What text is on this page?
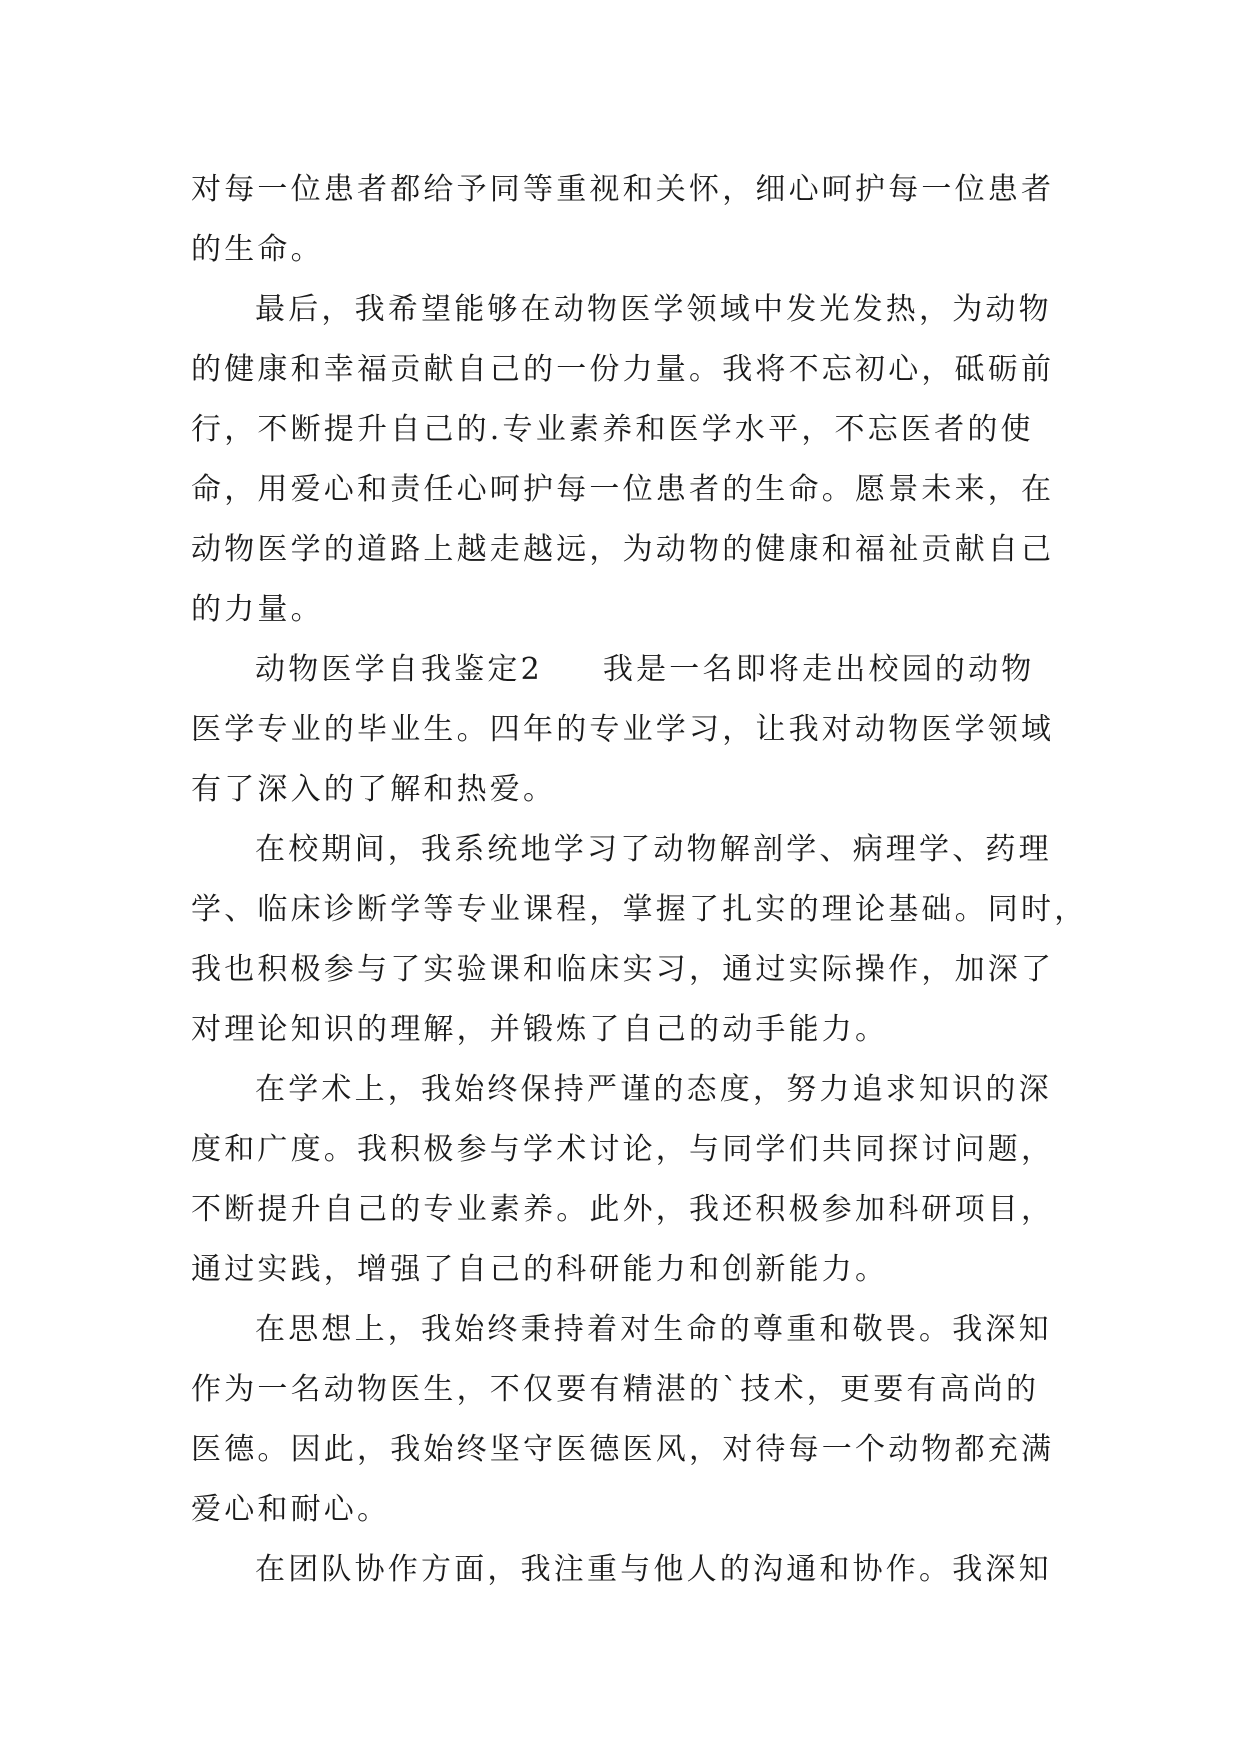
对每一位患者都给予同等重视和关怀，细心呵护每一位患者
的生命。
最后，我希望能够在动物医学领域中发光发热，为动物
的健康和幸福贡献自己的一份力量。我将不忘初心，砥砺前
行，不断提升自己的.专业素养和医学水平，不忘医者的使
命，用爱心和责任心呵护每一位患者的生命。愿景未来，在
动物医学的道路上越走越远，为动物的健康和福祉贡献自己
的力量。
动物医学自我鉴定2 我是一名即将走出校园的动物
医学专业的毕业生。四年的专业学习，让我对动物医学领域
有了深入的了解和热爱。
在校期间，我系统地学习了动物解剖学、病理学、药理
学、临床诊断学等专业课程，掌握了扎实的理论基础。同时，
我也积极参与了实验课和临床实习，通过实际操作，加深了
对理论知识的理解，并锻炼了自己的动手能力。
在学术上，我始终保持严谨的态度，努力追求知识的深
度和广度。我积极参与学术讨论，与同学们共同探讨问题，
不断提升自己的专业素养。此外，我还积极参加科研项目，
通过实践，增强了自己的科研能力和创新能力。
在思想上，我始终秉持着对生命的尊重和敬畏。我深知
作为一名动物医生，不仅要有精湛的`技术，更要有高尚的
医德。因此，我始终坚守医德医风，对待每一个动物都充满
爱心和耐心。
在团队协作方面，我注重与他人的沟通和协作。我深知
